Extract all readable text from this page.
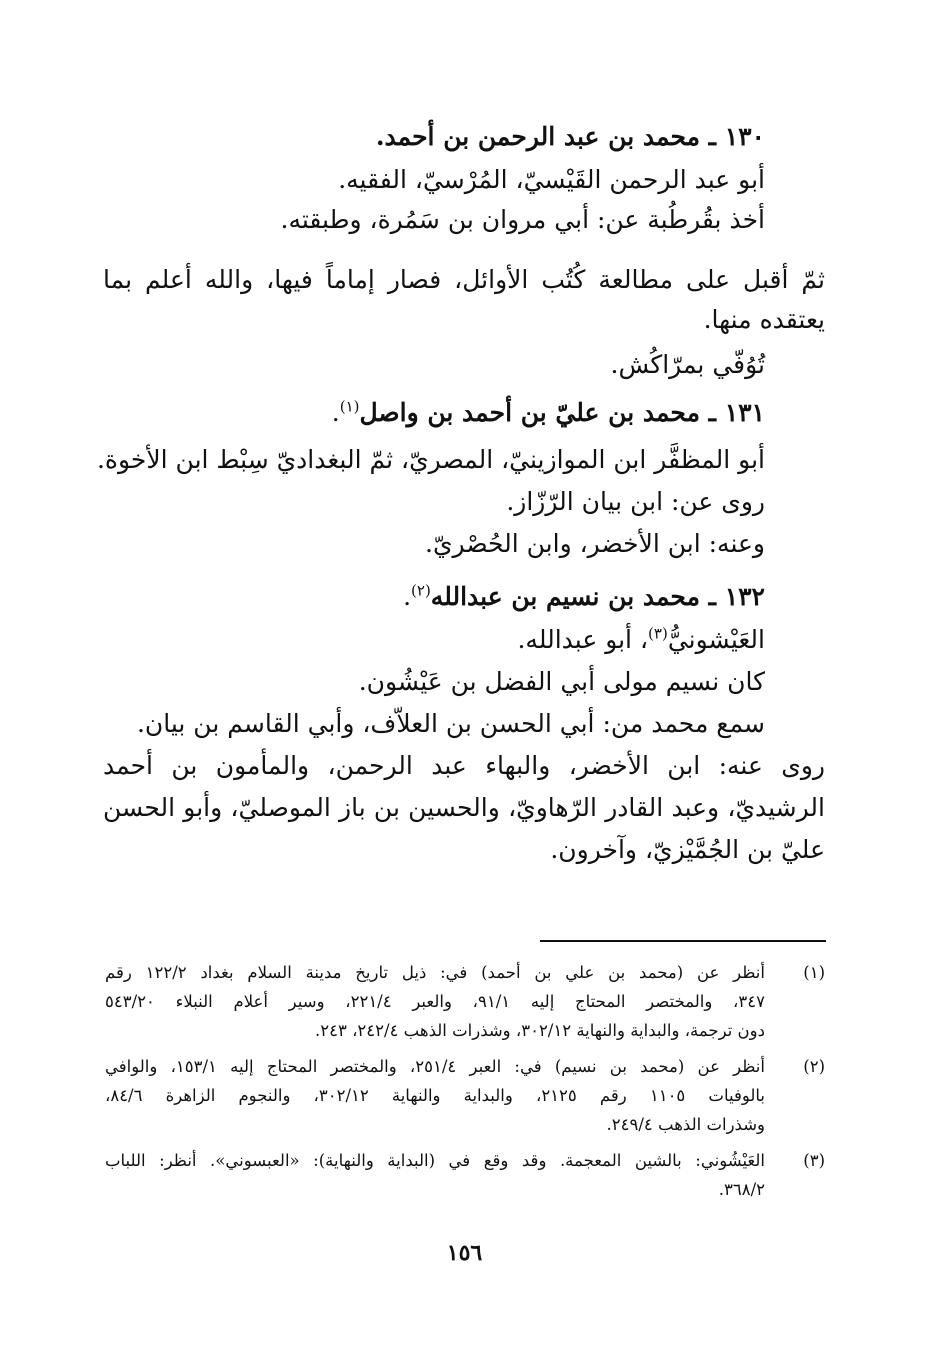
١٣٠ ـ محمد بن عبد الرحمن بن أحمد.
أبو عبد الرحمن القَيْسيّ، المُرْسيّ، الفقيه.
أخذ بقُرطُبة عن: أبي مروان بن سَمُرة، وطبقته.
ثمّ أقبل على مطالعة كُتُب الأوائل، فصار إماماً فيها، والله أعلم بما
يعتقده منها.
تُوُفّي بمرّاكُش.
١٣١ ـ محمد بن عليّ بن أحمد بن واصل$^{(١)}$.
أبو المظفَّر ابن الموازينيّ، المصريّ، ثمّ البغداديّ سِبْط ابن الأخوة.
روى عن: ابن بيان الرّزّاز.
وعنه: ابن الأخضر، وابن الحُصْريّ.
١٣٢ ـ محمد بن نسيم بن عبدالله$^{(٢)}$.
العَيْشونيُّ$^{(٣)}$، أبو عبدالله.
كان نسيم مولى أبي الفضل بن عَيْشُون.
سمع محمد من: أبي الحسن بن العلاّف، وأبي القاسم بن بيان.
روى عنه: ابن الأخضر، والبهاء عبد الرحمن، والمأمون بن أحمد
الرشيديّ، وعبد القادر الرّهاويّ، والحسين بن باز الموصليّ، وأبو الحسن
عليّ بن الجُمَّيْزيّ، وآخرون.
(١)
أنظر عن (محمد بن علي بن أحمد) في: ذيل تاريخ مدينة السلام بغداد ١٢٢/٢ رقم
٣٤٧، والمختصر المحتاج إليه ٩١/١، والعبر ٢٢١/٤، وسير أعلام النبلاء ٥٤٣/٢٠
دون ترجمة، والبداية والنهاية ٣٠٢/١٢، وشذرات الذهب ٢٤٢/٤، ٢٤٣.
(٢)
أنظر عن (محمد بن نسيم) في: العبر ٢٥١/٤، والمختصر المحتاج إليه ١٥٣/١، والوافي
بالوفيات ١١٠٥ رقم ٢١٢٥، والبداية والنهاية ٣٠٢/١٢، والنجوم الزاهرة ٨٤/٦،
وشذرات الذهب ٢٤٩/٤.
(٣)
العَيْشُوني: بالشين المعجمة. وقد وقع في (البداية والنهاية): «العبسوني». أنظر: اللباب
٣٦٨/٢.
١٥٦
